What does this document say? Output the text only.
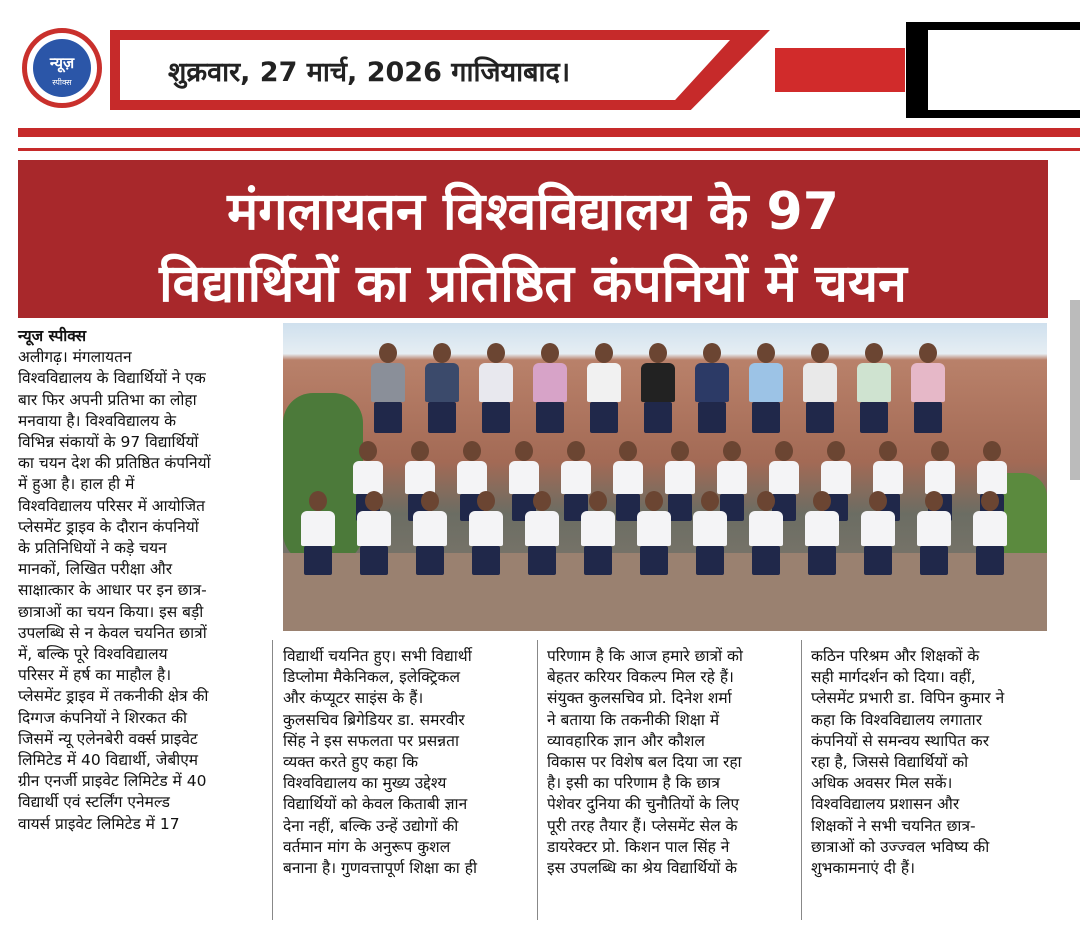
न्यूज़
स्पीक्स	शुक्रवार, 27 मार्च, 2026 गाजियाबाद।
मंगलायतन विश्वविद्यालय के 97
विद्यार्थियों का प्रतिष्ठित कंपनियों में चयन
न्यूज स्पीक्स
अलीगढ़। मंगलायतन
विश्वविद्यालय के विद्यार्थियों ने एक
बार फिर अपनी प्रतिभा का लोहा
मनवाया है। विश्वविद्यालय के
विभिन्न संकायों के 97 विद्यार्थियों
का चयन देश की प्रतिष्ठित कंपनियों
में हुआ है। हाल ही में
विश्वविद्यालय परिसर में आयोजित
प्लेसमेंट ड्राइव के दौरान कंपनियों
के प्रतिनिधियों ने कड़े चयन
मानकों, लिखित परीक्षा और
साक्षात्कार के आधार पर इन छात्र-
छात्राओं का चयन किया। इस बड़ी
उपलब्धि से न केवल चयनित छात्रों
में, बल्कि पूरे विश्वविद्यालय
परिसर में हर्ष का माहौल है।
प्लेसमेंट ड्राइव में तकनीकी क्षेत्र की
दिग्गज कंपनियों ने शिरकत की
जिसमें न्यू एलेनबेरी वर्क्स प्राइवेट
लिमिटेड में 40 विद्यार्थी, जेबीएम
ग्रीन एनर्जी प्राइवेट लिमिटेड में 40
विद्यार्थी एवं स्टर्लिंग एनेमल्ड
वायर्स प्राइवेट लिमिटेड में 17
विद्यार्थी चयनित हुए। सभी विद्यार्थी
डिप्लोमा मैकेनिकल, इलेक्ट्रिकल
और कंप्यूटर साइंस के हैं।
कुलसचिव ब्रिगेडियर डा. समरवीर
सिंह ने इस सफलता पर प्रसन्नता
व्यक्त करते हुए कहा कि
विश्वविद्यालय का मुख्य उद्देश्य
विद्यार्थियों को केवल किताबी ज्ञान
देना नहीं, बल्कि उन्हें उद्योगों की
वर्तमान मांग के अनुरूप कुशल
बनाना है। गुणवत्तापूर्ण शिक्षा का ही
परिणाम है कि आज हमारे छात्रों को
बेहतर करियर विकल्प मिल रहे हैं।
संयुक्त कुलसचिव प्रो. दिनेश शर्मा
ने बताया कि तकनीकी शिक्षा में
व्यावहारिक ज्ञान और कौशल
विकास पर विशेष बल दिया जा रहा
है। इसी का परिणाम है कि छात्र
पेशेवर दुनिया की चुनौतियों के लिए
पूरी तरह तैयार हैं। प्लेसमेंट सेल के
डायरेक्टर प्रो. किशन पाल सिंह ने
इस उपलब्धि का श्रेय विद्यार्थियों के
कठिन परिश्रम और शिक्षकों के
सही मार्गदर्शन को दिया। वहीं,
प्लेसमेंट प्रभारी डा. विपिन कुमार ने
कहा कि विश्वविद्यालय लगातार
कंपनियों से समन्वय स्थापित कर
रहा है, जिससे विद्यार्थियों को
अधिक अवसर मिल सकें।
विश्वविद्यालय प्रशासन और
शिक्षकों ने सभी चयनित छात्र-
छात्राओं को उज्ज्वल भविष्य की
शुभकामनाएं दी हैं।
